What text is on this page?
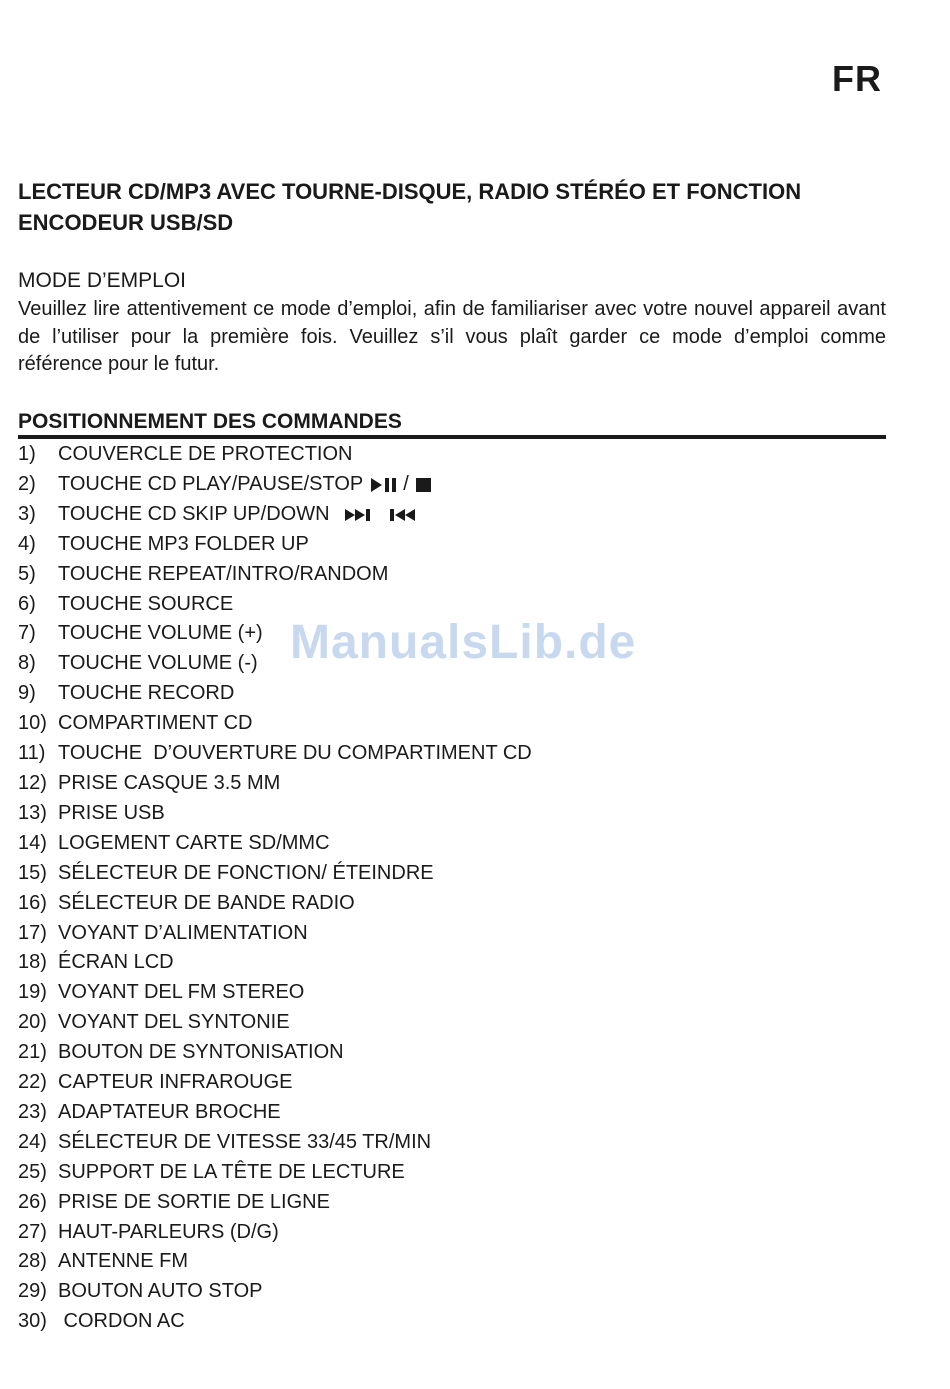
FR
LECTEUR CD/MP3 AVEC TOURNE-DISQUE, RADIO STÉRÉO ET FONCTION
ENCODEUR USB/SD
MODE D’EMPLOI
Veuillez lire attentivement ce mode d’emploi, afin de familiariser avec votre nouvel appareil avant de l’utiliser pour la première fois. Veuillez s’il vous plaît garder ce mode d’emploi comme référence pour le futur.
POSITIONNEMENT DES COMMANDES
1)	COUVERCLE DE PROTECTION
2)	TOUCHE CD PLAY/PAUSE/STOP /
3)	TOUCHE CD SKIP UP/DOWN
4)	TOUCHE MP3 FOLDER UP
5)	TOUCHE REPEAT/INTRO/RANDOM
6)	TOUCHE SOURCE
7)	TOUCHE VOLUME (+)
8)	TOUCHE VOLUME (-)
9)	TOUCHE RECORD
10) COMPARTIMENT CD
11) TOUCHE  D’OUVERTURE DU COMPARTIMENT CD
12) PRISE CASQUE 3.5 MM
13) PRISE USB
14) LOGEMENT CARTE SD/MMC
15) SÉLECTEUR DE FONCTION/ ÉTEINDRE
16) SÉLECTEUR DE BANDE RADIO
17) VOYANT D’ALIMENTATION
18) ÉCRAN LCD
19) VOYANT DEL FM STEREO
20) VOYANT DEL SYNTONIE
21) BOUTON DE SYNTONISATION
22) CAPTEUR INFRAROUGE
23) ADAPTATEUR BROCHE
24) SÉLECTEUR DE VITESSE 33/45 TR/MIN
25) SUPPORT DE LA TÊTE DE LECTURE
26) PRISE DE SORTIE DE LIGNE
27) HAUT-PARLEURS (D/G)
28) ANTENNE FM
29) BOUTON AUTO STOP
30) CORDON AC
ManualsLib.de
